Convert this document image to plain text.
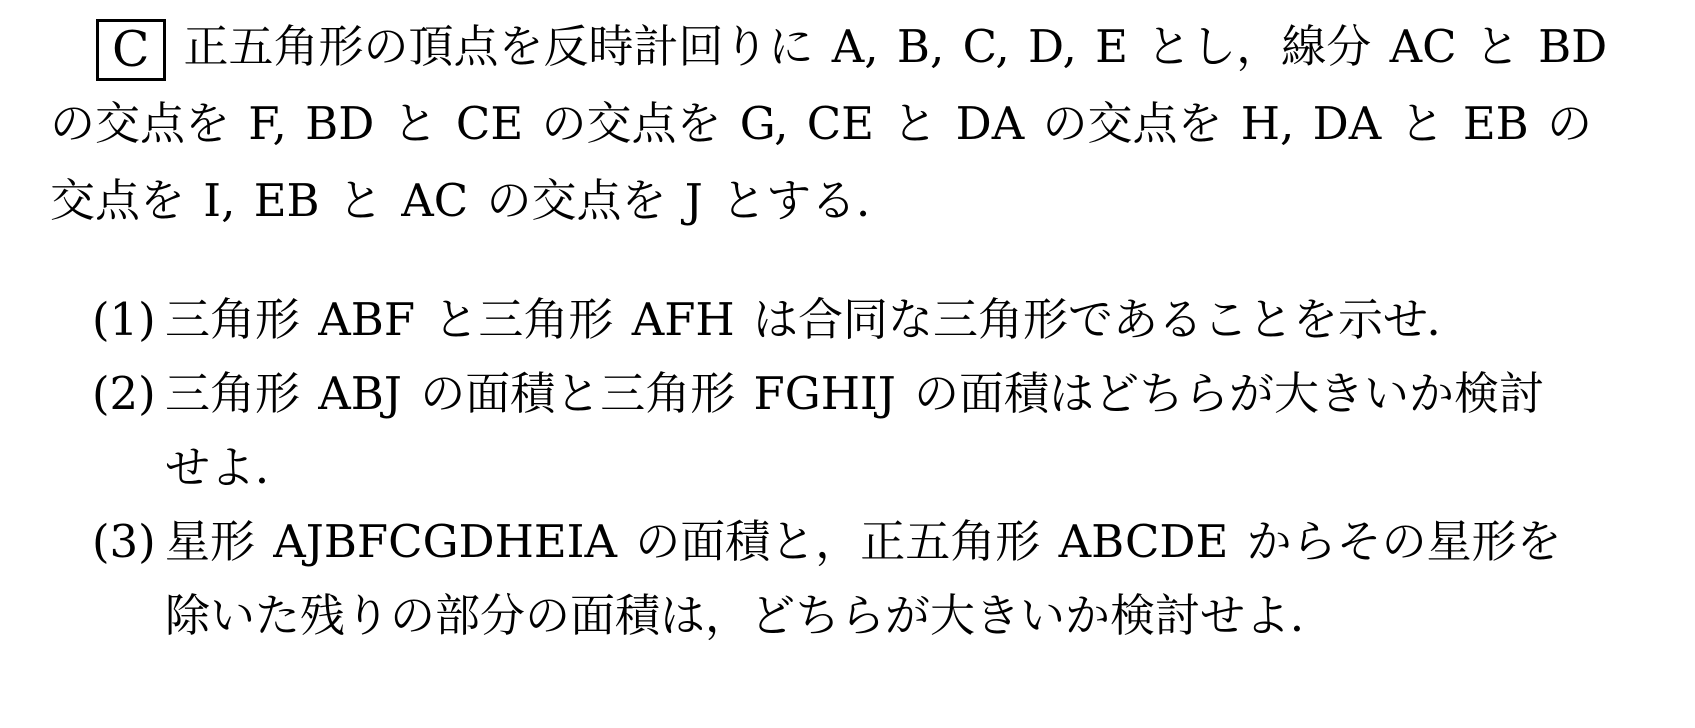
C 正五角形の頂点を反時計回りに A, B, C, D, E とし，線分 AC と BD
の交点を F, BD と CE の交点を G, CE と DA の交点を H, DA と EB の
交点を I, EB と AC の交点を J とする．
(1) 三角形 ABF と三角形 AFH は合同な三角形であることを示せ．
(2) 三角形 ABJ の面積と三角形 FGHIJ の面積はどちらが大きいか検討
せよ．
(3) 星形 AJBFCGDHEIA の面積と，正五角形 ABCDE からその星形を
除いた残りの部分の面積は，どちらが大きいか検討せよ．
